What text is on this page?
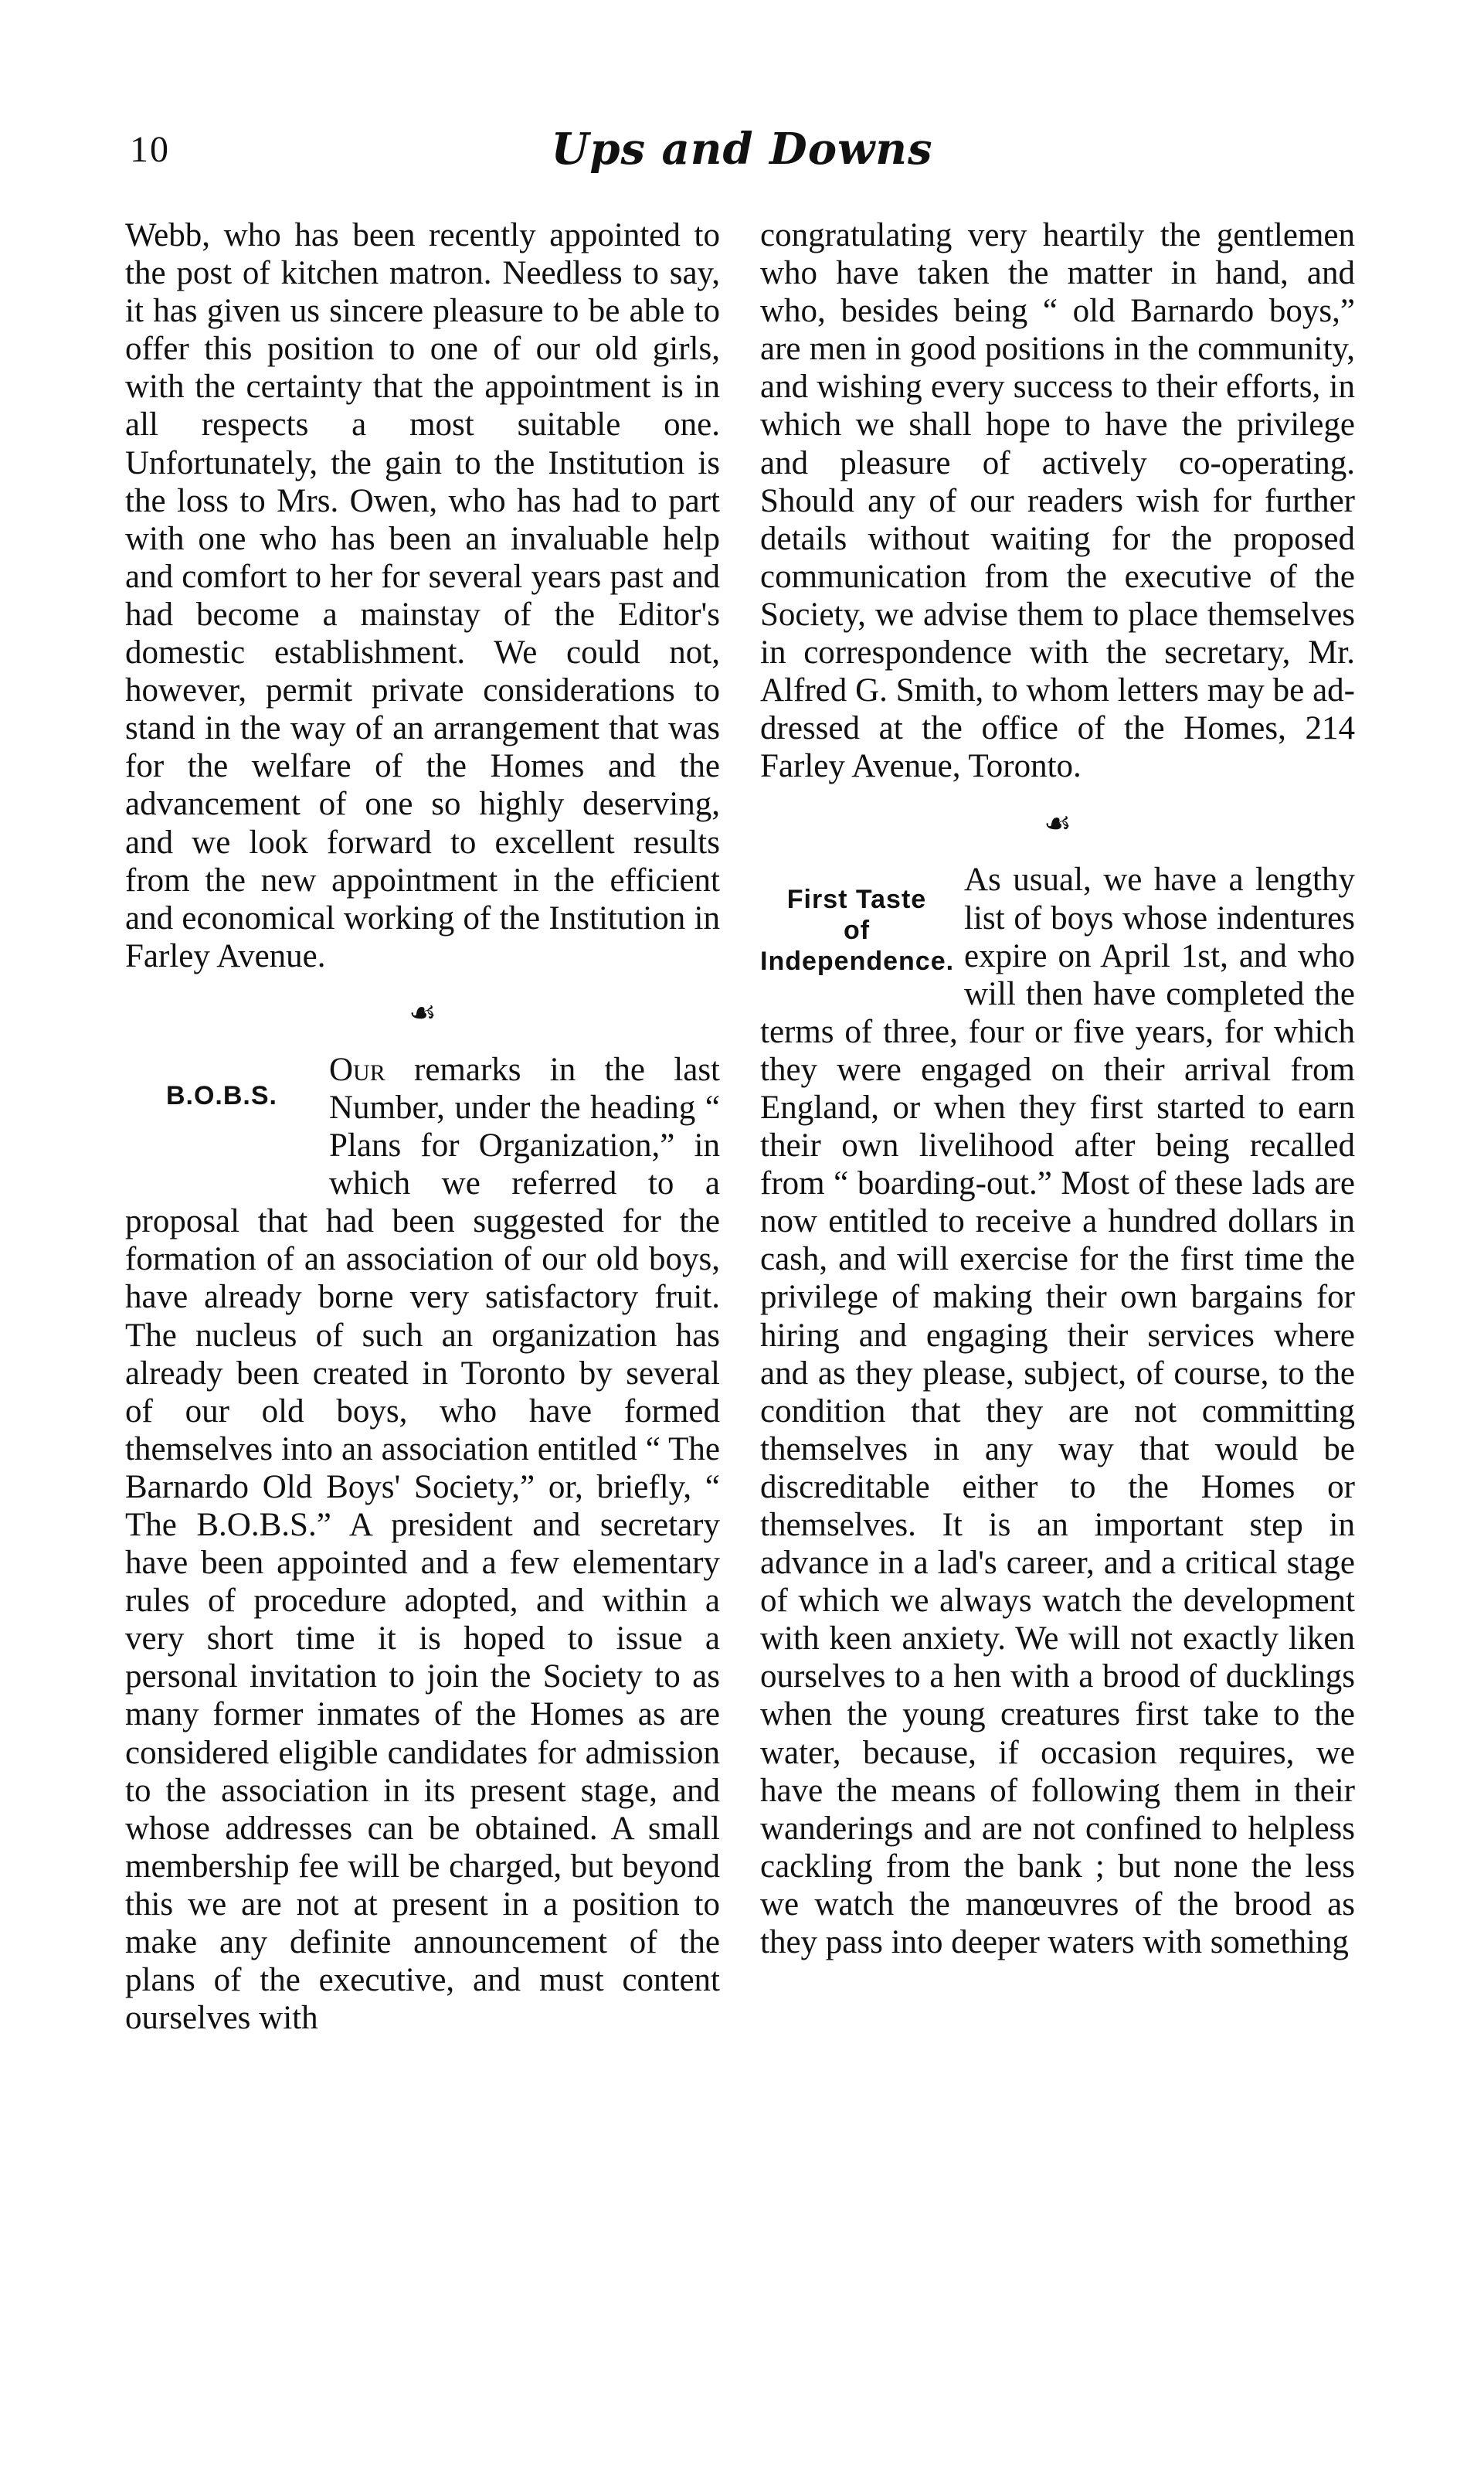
10	Ups and Downs

Webb, who has been recently appointed to the post of kitchen matron. Needless to say, it has given us sincere pleasure to be able to offer this position to one of our old girls, with the certainty that the appointment is in all respects a most suitable one. Unfortunately, the gain to the Institution is the loss to Mrs. Owen, who has had to part with one who has been an invaluable help and comfort to her for several years past and had become a mainstay of the Editor's domestic establishment. We could not, however, permit private considerations to stand in the way of an arrangement that was for the welfare of the Homes and the advancement of one so highly deserving, and we look forward to excellent results from the new appointment in the efficient and economical working of the Institution in Farley Avenue.

☙
B.O.B.S.

Our remarks in the last Number, under the heading “ Plans for Organization,” in which we referred to a proposal that had been suggested for the formation of an association of our old boys, have already borne very satisfactory fruit. The nucleus of such an organization has already been created in Toronto by several of our old boys, who have formed themselves into an association entitled “ The Barnardo Old Boys' Society,” or, briefly, “ The B.O.B.S.” A president and secretary have been appointed and a few elementary rules of procedure adopted, and within a very short time it is hoped to issue a personal invitation to join the Society to as many former inmates of the Homes as are considered eligible candidates for admission to the association in its present stage, and whose addresses can be obtained. A small membership fee will be charged, but beyond this we are not at present in a position to make any definite announcement of the plans of the executive, and must content ourselves with

congratulating very heartily the gentlemen who have taken the matter in hand, and who, besides being “ old Barnardo boys,” are men in good positions in the community, and wishing every success to their efforts, in which we shall hope to have the privilege and pleasure of actively co-operating. Should any of our readers wish for further details without waiting for the proposed communication from the executive of the Society, we advise them to place themselves in correspondence with the secretary, Mr. Alfred G. Smith, to whom letters may be addressed at the office of the Homes, 214 Farley Avenue, Toronto.

☙
First Taste
of
Independence.

As usual, we have a lengthy list of boys whose indentures expire on April 1st, and who will then have completed the terms of three, four or five years, for which they were engaged on their arrival from England, or when they first started to earn their own livelihood after being recalled from “ boarding-out.” Most of these lads are now entitled to receive a hundred dollars in cash, and will exercise for the first time the privilege of making their own bargains for hiring and engaging their services where and as they please, subject, of course, to the condition that they are not committing themselves in any way that would be discreditable either to the Homes or themselves. It is an important step in advance in a lad's career, and a critical stage of which we always watch the development with keen anxiety. We will not exactly liken ourselves to a hen with a brood of ducklings when the young creatures first take to the water, because, if occasion requires, we have the means of following them in their wanderings and are not confined to helpless cackling from the bank ; but none the less we watch the manœuvres of the brood as they pass into deeper waters with something
